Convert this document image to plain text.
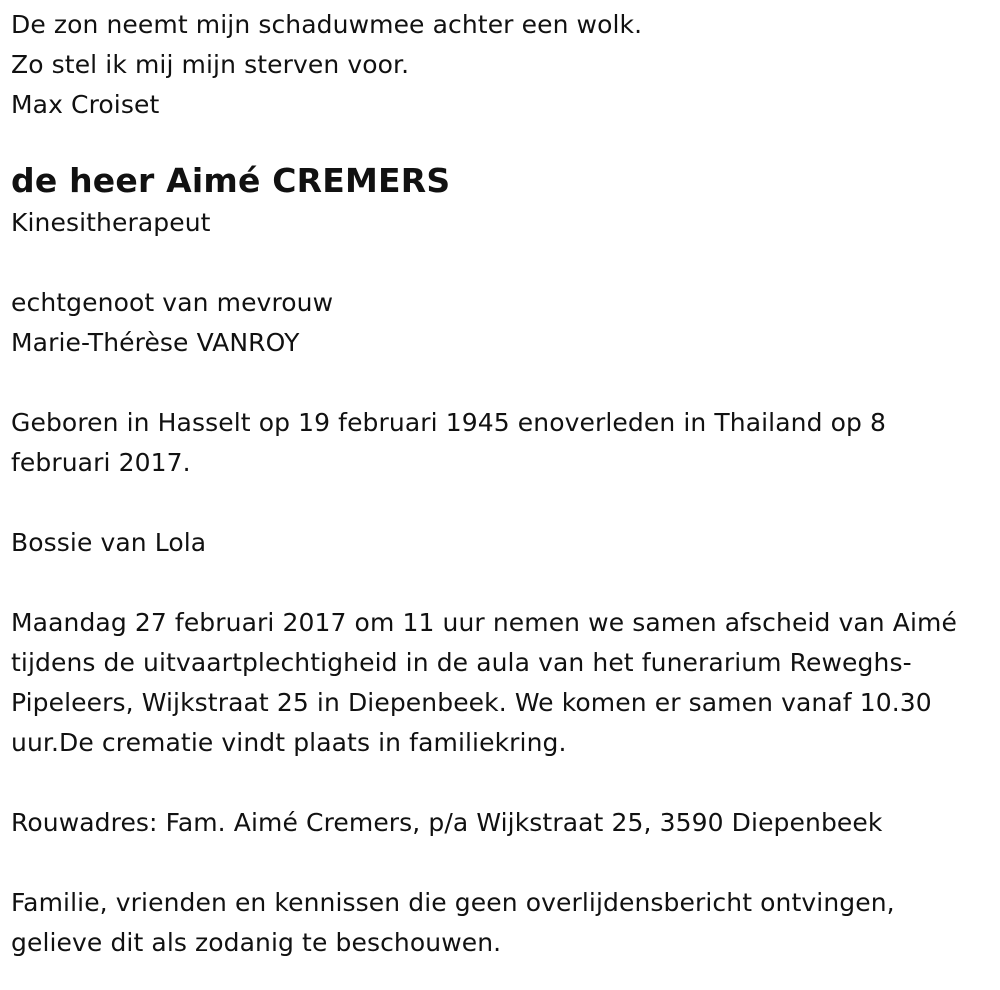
De zon neemt mijn schaduwmee achter een wolk.
Zo stel ik mij mijn sterven voor.
Max Croiset
de heer Aimé CREMERS
Kinesitherapeut
echtgenoot van mevrouw
Marie-Thérèse VANROY
Geboren in Hasselt op 19 februari 1945 enoverleden in Thailand op 8
februari 2017.
Bossie van Lola
Maandag 27 februari 2017 om 11 uur nemen we samen afscheid van Aimé
tijdens de uitvaartplechtigheid in de aula van het funerarium Reweghs-
Pipeleers, Wijkstraat 25 in Diepenbeek. We komen er samen vanaf 10.30
uur.De crematie vindt plaats in familiekring.
Rouwadres: Fam. Aimé Cremers, p/a Wijkstraat 25, 3590 Diepenbeek
Familie, vrienden en kennissen die geen overlijdensbericht ontvingen,
gelieve dit als zodanig te beschouwen.
